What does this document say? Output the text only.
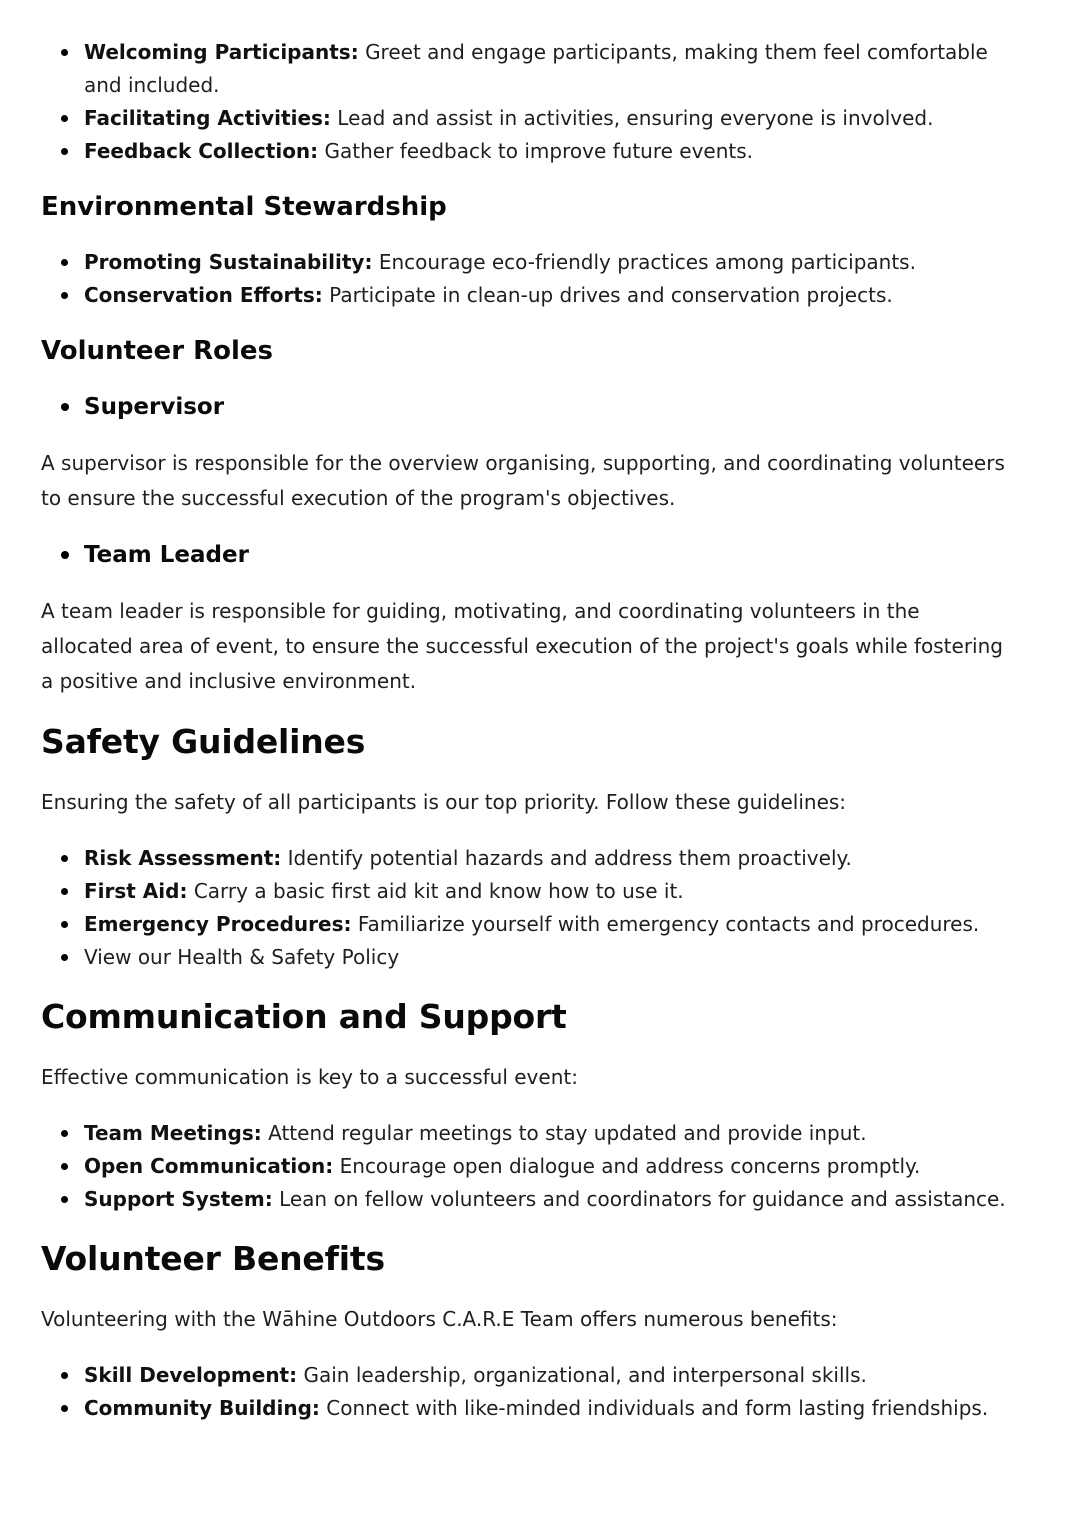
Welcoming Participants: Greet and engage participants, making them feel comfortable and included.
Facilitating Activities: Lead and assist in activities, ensuring everyone is involved.
Feedback Collection: Gather feedback to improve future events.
Environmental Stewardship
Promoting Sustainability: Encourage eco-friendly practices among participants.
Conservation Efforts: Participate in clean-up drives and conservation projects.
Volunteer Roles
Supervisor

A supervisor is responsible for the overview organising, supporting, and coordinating volunteers to ensure the successful execution of the program's objectives.

Team Leader

A team leader is responsible for guiding, motivating, and coordinating volunteers in the allocated area of event, to ensure the successful execution of the project's goals while fostering a positive and inclusive environment.

Safety Guidelines

Ensuring the safety of all participants is our top priority. Follow these guidelines:

Risk Assessment: Identify potential hazards and address them proactively.
First Aid: Carry a basic first aid kit and know how to use it.
Emergency Procedures: Familiarize yourself with emergency contacts and procedures.
View our Health & Safety Policy
Communication and Support

Effective communication is key to a successful event:

Team Meetings: Attend regular meetings to stay updated and provide input.
Open Communication: Encourage open dialogue and address concerns promptly.
Support System: Lean on fellow volunteers and coordinators for guidance and assistance.
Volunteer Benefits

Volunteering with the Wāhine Outdoors C.A.R.E Team offers numerous benefits:

Skill Development: Gain leadership, organizational, and interpersonal skills.
Community Building: Connect with like-minded individuals and form lasting friendships.
